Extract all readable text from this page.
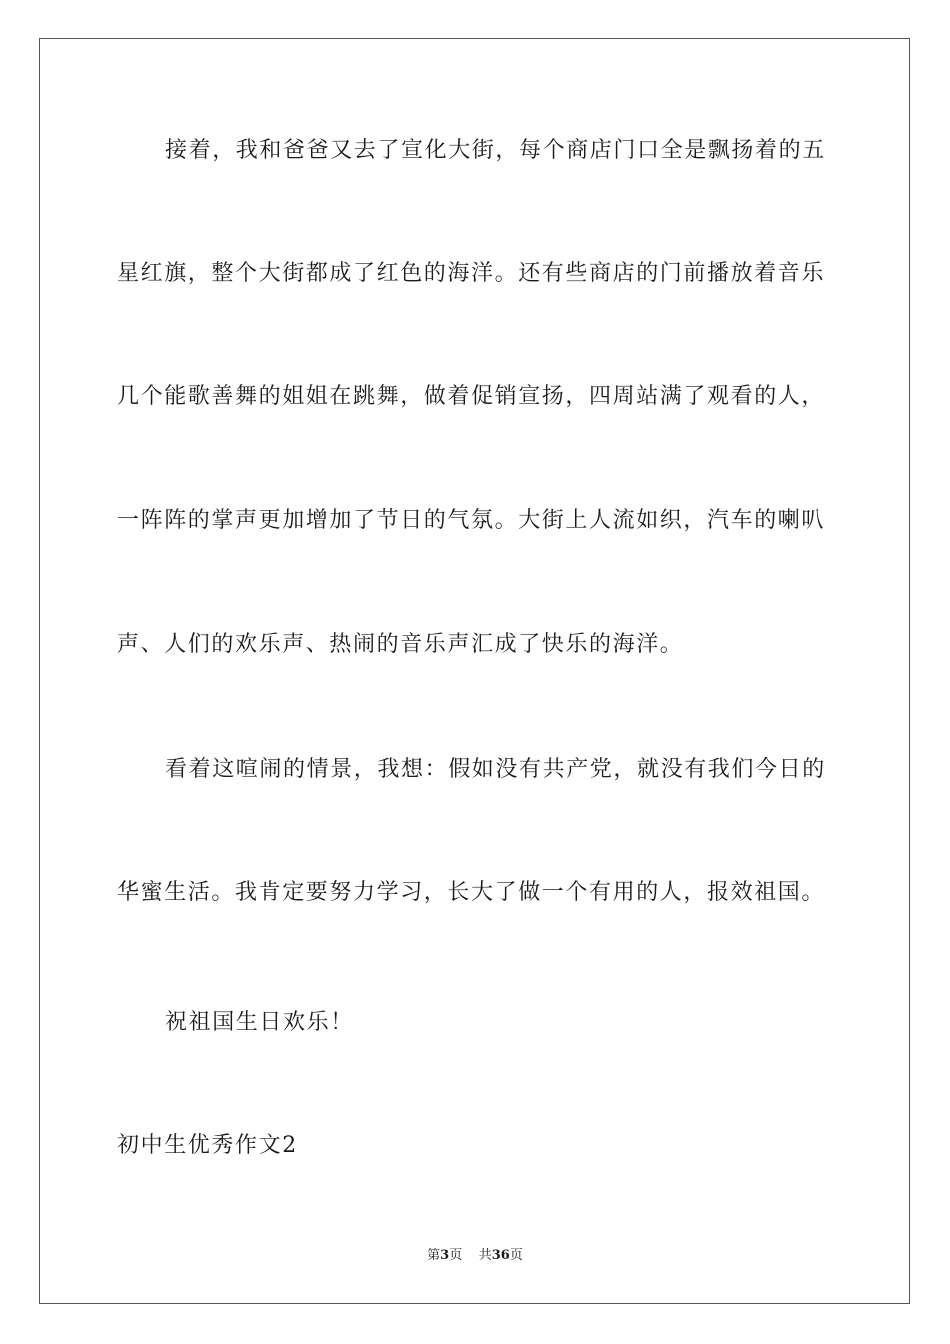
接着，我和爸爸又去了宣化大街，每个商店门口全是飘扬着的五
星红旗，整个大街都成了红色的海洋。还有些商店的门前播放着音乐
几个能歌善舞的姐姐在跳舞，做着促销宣扬，四周站满了观看的人，
一阵阵的掌声更加增加了节日的气氛。大街上人流如织，汽车的喇叭
声、人们的欢乐声、热闹的音乐声汇成了快乐的海洋。
看着这喧闹的情景，我想：假如没有共产党，就没有我们今日的
华蜜生活。我肯定要努力学习，长大了做一个有用的人，报效祖国。
祝祖国生日欢乐！
初中生优秀作文2
第3页 共36页
